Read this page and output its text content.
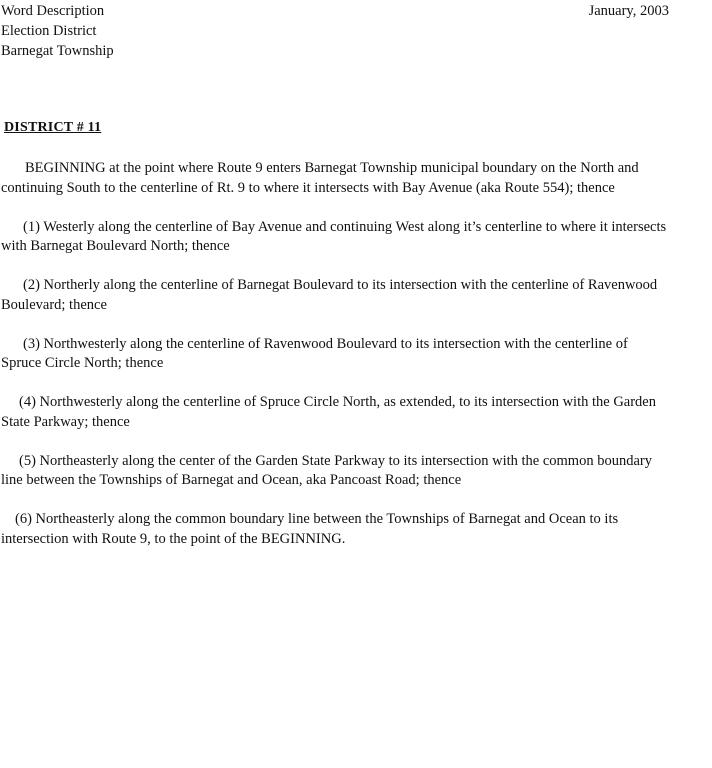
Word Description
Election District
Barnegat Township
January, 2003
DISTRICT # 11

BEGINNING at the point where Route 9 enters Barnegat Township municipal boundary on the North and continuing South to the centerline of Rt. 9 to where it intersects with Bay Avenue (aka Route 554); thence

(1) Westerly along the centerline of Bay Avenue and continuing West along it’s centerline to where it intersects with Barnegat Boulevard North; thence

(2) Northerly along the centerline of Barnegat Boulevard to its intersection with the centerline of Ravenwood Boulevard; thence

(3) Northwesterly along the centerline of Ravenwood Boulevard to its intersection with the centerline of Spruce Circle North; thence

(4) Northwesterly along the centerline of Spruce Circle North, as extended, to its intersection with the Garden State Parkway; thence

(5) Northeasterly along the center of the Garden State Parkway to its intersection with the common boundary line between the Townships of Barnegat and Ocean, aka Pancoast Road; thence

(6) Northeasterly along the common boundary line between the Townships of Barnegat and Ocean to its intersection with Route 9, to the point of the BEGINNING.
